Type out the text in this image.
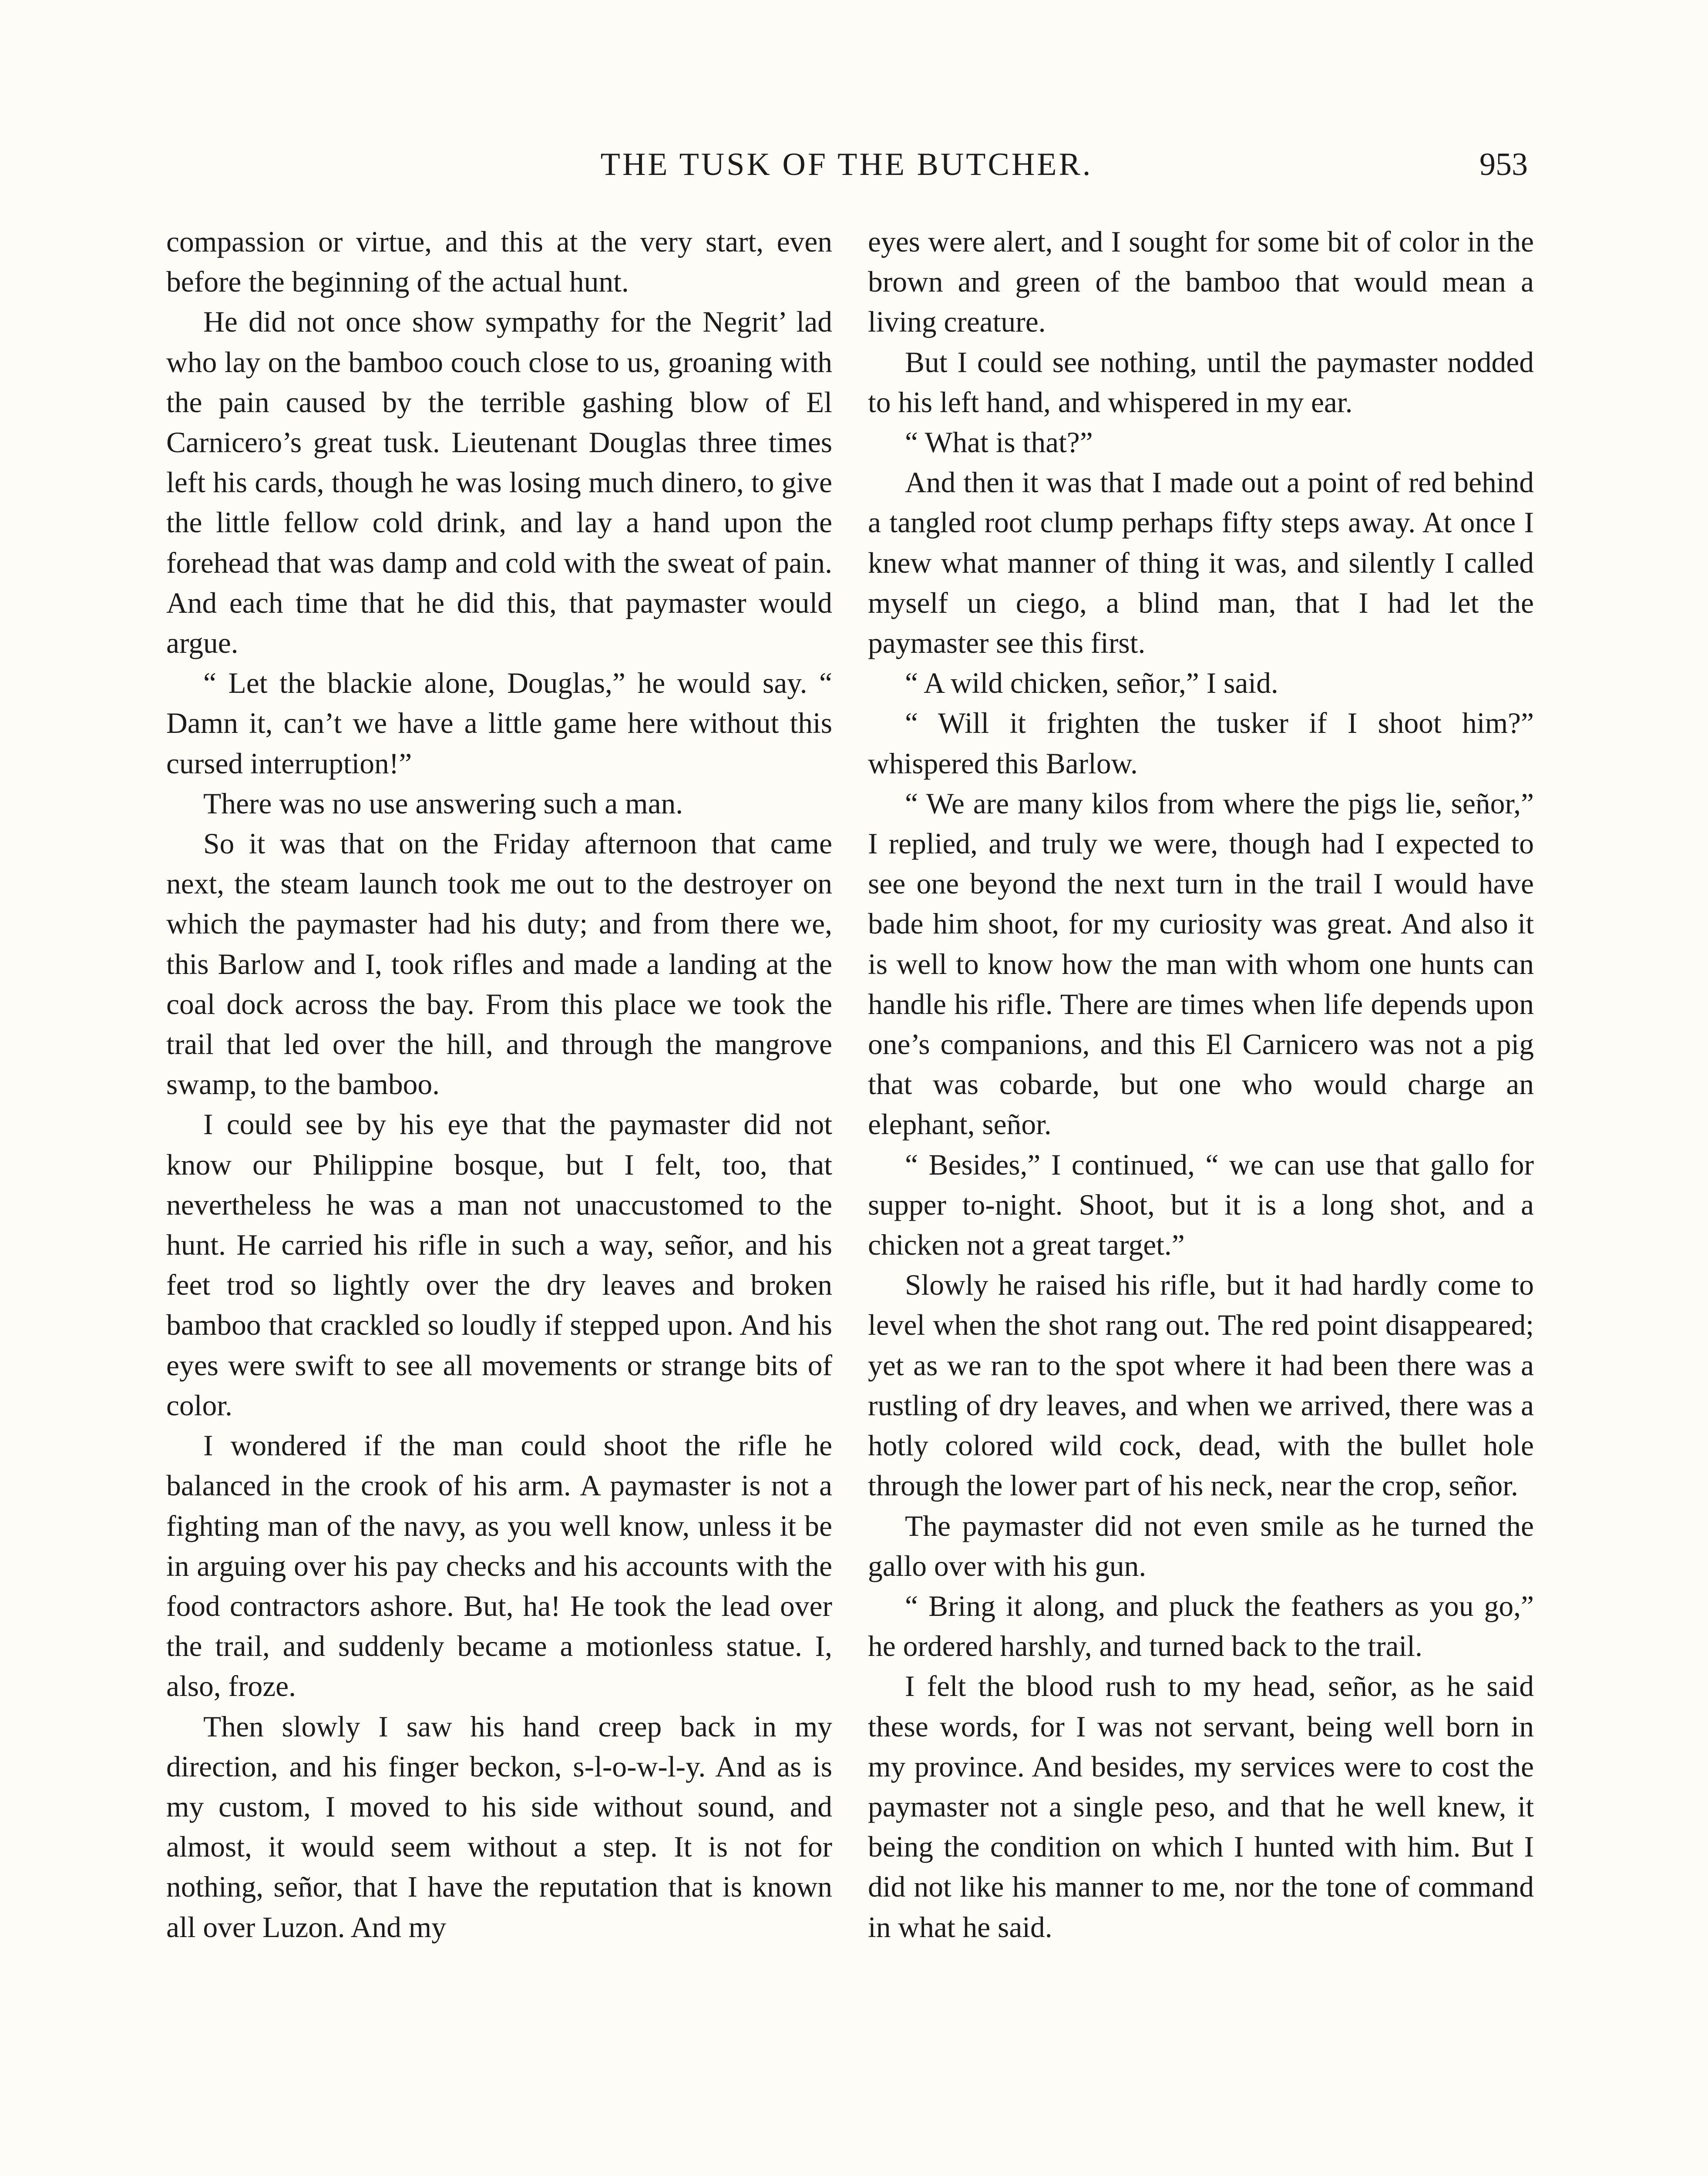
THE TUSK OF THE BUTCHER.	953

compassion or virtue, and this at the very start, even before the beginning of the actual hunt.

He did not once show sympathy for the Negrit’ lad who lay on the bamboo couch close to us, groaning with the pain caused by the terrible gashing blow of El Carnicero’s great tusk. Lieutenant Douglas three times left his cards, though he was losing much dinero, to give the little fellow cold drink, and lay a hand upon the forehead that was damp and cold with the sweat of pain. And each time that he did this, that paymaster would argue.

“ Let the blackie alone, Douglas,” he would say. “ Damn it, can’t we have a little game here without this cursed interruption!”

There was no use answering such a man.

So it was that on the Friday afternoon that came next, the steam launch took me out to the destroyer on which the paymaster had his duty; and from there we, this Barlow and I, took rifles and made a landing at the coal dock across the bay. From this place we took the trail that led over the hill, and through the mangrove swamp, to the bamboo.

I could see by his eye that the paymaster did not know our Philippine bosque, but I felt, too, that nevertheless he was a man not unaccustomed to the hunt. He carried his rifle in such a way, señor, and his feet trod so lightly over the dry leaves and broken bamboo that crackled so loudly if stepped upon. And his eyes were swift to see all movements or strange bits of color.

I wondered if the man could shoot the rifle he balanced in the crook of his arm. A paymaster is not a fighting man of the navy, as you well know, unless it be in arguing over his pay checks and his accounts with the food contractors ashore. But, ha! He took the lead over the trail, and suddenly became a motionless statue. I, also, froze.

Then slowly I saw his hand creep back in my direction, and his finger beckon, s-l-o-w-l-y. And as is my custom, I moved to his side without sound, and almost, it would seem without a step. It is not for nothing, señor, that I have the reputation that is known all over Luzon. And my

eyes were alert, and I sought for some bit of color in the brown and green of the bamboo that would mean a living creature.

But I could see nothing, until the paymaster nodded to his left hand, and whispered in my ear.

“ What is that?”

And then it was that I made out a point of red behind a tangled root clump perhaps fifty steps away. At once I knew what manner of thing it was, and silently I called myself un ciego, a blind man, that I had let the paymaster see this first.

“ A wild chicken, señor,” I said.

“ Will it frighten the tusker if I shoot him?” whispered this Barlow.

“ We are many kilos from where the pigs lie, señor,” I replied, and truly we were, though had I expected to see one beyond the next turn in the trail I would have bade him shoot, for my curiosity was great. And also it is well to know how the man with whom one hunts can handle his rifle. There are times when life depends upon one’s companions, and this El Carnicero was not a pig that was cobarde, but one who would charge an elephant, señor.

“ Besides,” I continued, “ we can use that gallo for supper to-night. Shoot, but it is a long shot, and a chicken not a great target.”

Slowly he raised his rifle, but it had hardly come to level when the shot rang out. The red point disappeared; yet as we ran to the spot where it had been there was a rustling of dry leaves, and when we arrived, there was a hotly colored wild cock, dead, with the bullet hole through the lower part of his neck, near the crop, señor.

The paymaster did not even smile as he turned the gallo over with his gun.

“ Bring it along, and pluck the feathers as you go,” he ordered harshly, and turned back to the trail.

I felt the blood rush to my head, señor, as he said these words, for I was not servant, being well born in my province. And besides, my services were to cost the paymaster not a single peso, and that he well knew, it being the condition on which I hunted with him. But I did not like his manner to me, nor the tone of command in what he said.
